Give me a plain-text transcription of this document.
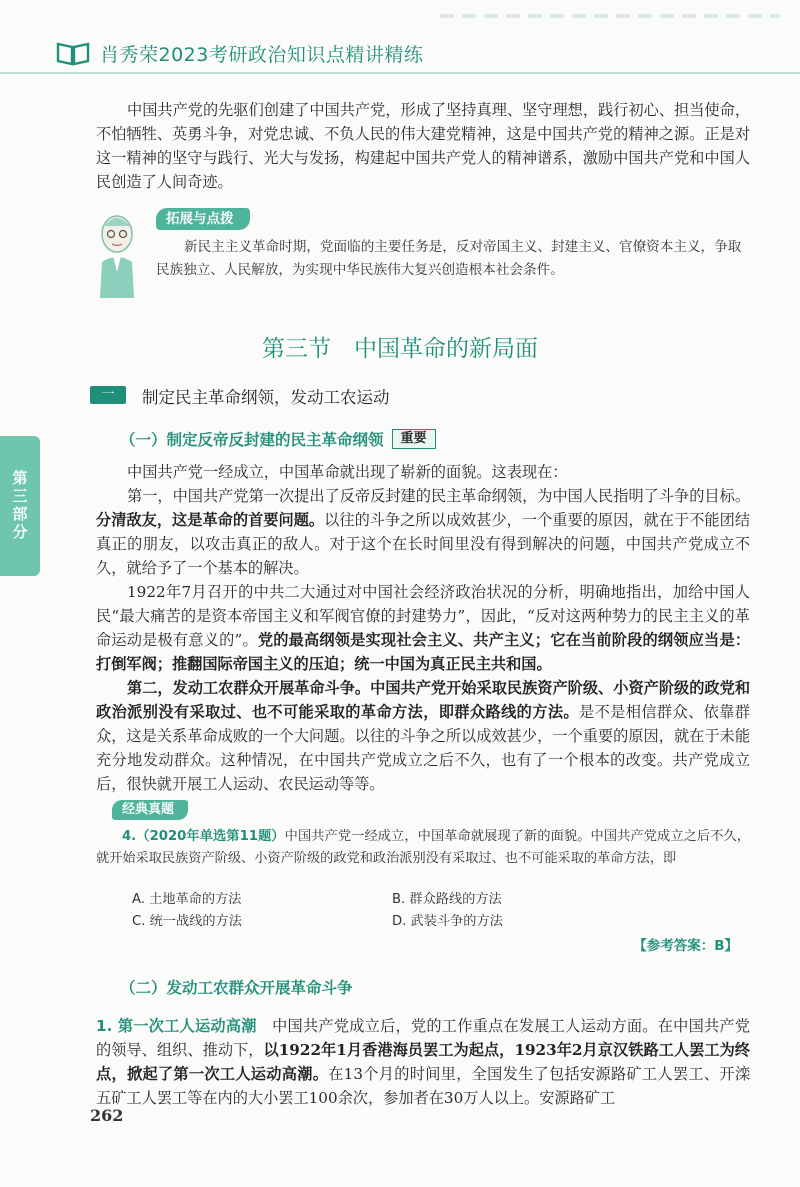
肖秀荣2023考研政治知识点精讲精练

中国共产党的先驱们创建了中国共产党，形成了坚持真理、坚守理想，践行初心、担当使命，不怕牺牲、英勇斗争，对党忠诚、不负人民的伟大建党精神，这是中国共产党的精神之源。正是对这一精神的坚守与践行、光大与发扬，构建起中国共产党人的精神谱系，激励中国共产党和中国人民创造了人间奇迹。

拓展与点拨

新民主主义革命时期，党面临的主要任务是，反对帝国主义、封建主义、官僚资本主义，争取民族独立、人民解放，为实现中华民族伟大复兴创造根本社会条件。

第三节　中国革命的新局面
一	制定民主革命纲领，发动工农运动
第三部分
（一）制定反帝反封建的民主革命纲领	重要

中国共产党一经成立，中国革命就出现了崭新的面貌。这表现在：

第一，中国共产党第一次提出了反帝反封建的民主革命纲领，为中国人民指明了斗争的目标。分清敌友，这是革命的首要问题。以往的斗争之所以成效甚少，一个重要的原因，就在于不能团结真正的朋友，以攻击真正的敌人。对于这个在长时间里没有得到解决的问题，中国共产党成立不久，就给予了一个基本的解决。

1922年7月召开的中共二大通过对中国社会经济政治状况的分析，明确地指出，加给中国人民“最大痛苦的是资本帝国主义和军阀官僚的封建势力”，因此，“反对这两种势力的民主主义的革命运动是极有意义的”。党的最高纲领是实现社会主义、共产主义；它在当前阶段的纲领应当是：打倒军阀；推翻国际帝国主义的压迫；统一中国为真正民主共和国。

第二，发动工农群众开展革命斗争。中国共产党开始采取民族资产阶级、小资产阶级的政党和政治派别没有采取过、也不可能采取的革命方法，即群众路线的方法。是不是相信群众、依靠群众，这是关系革命成败的一个大问题。以往的斗争之所以成效甚少，一个重要的原因，就在于未能充分地发动群众。这种情况，在中国共产党成立之后不久，也有了一个根本的改变。共产党成立后，很快就开展工人运动、农民运动等等。

经典真题

4.（2020年单选第11题）中国共产党一经成立，中国革命就展现了新的面貌。中国共产党成立之后不久，就开始采取民族资产阶级、小资产阶级的政党和政治派别没有采取过、也不可能采取的革命方法，即

A. 土地革命的方法	B. 群众路线的方法
C. 统一战线的方法	D. 武装斗争的方法
【参考答案：B】
（二）发动工农群众开展革命斗争

1. 第一次工人运动高潮　 中国共产党成立后，党的工作重点在发展工人运动方面。在中国共产党的领导、组织、推动下，以1922年1月香港海员罢工为起点，1923年2月京汉铁路工人罢工为终点，掀起了第一次工人运动高潮。在13个月的时间里，全国发生了包括安源路矿工人罢工、开滦五矿工人罢工等在内的大小罢工100余次，参加者在30万人以上。安源路矿工

262
